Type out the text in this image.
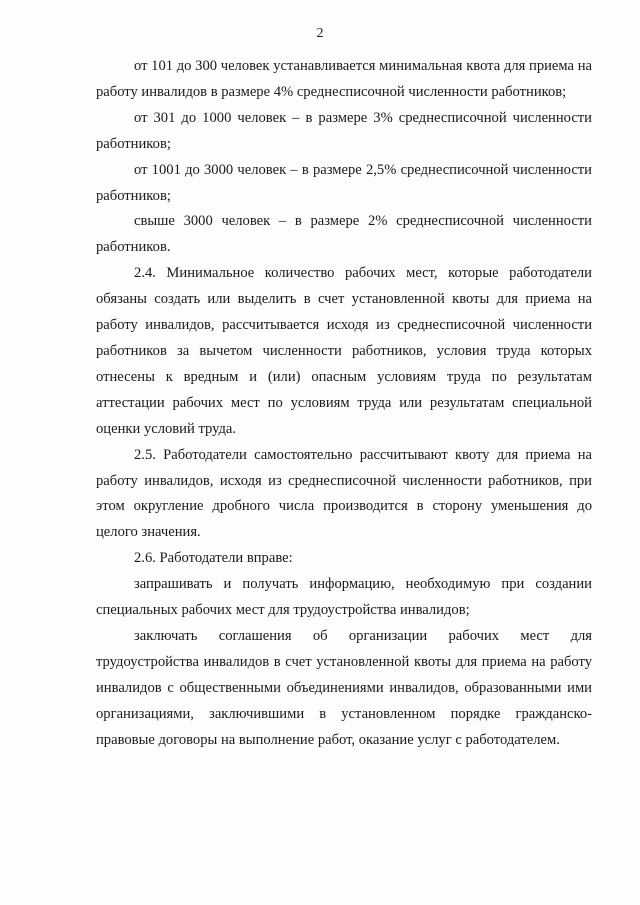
2

от 101 до 300 человек устанавливается минимальная квота для приема на работу инвалидов в размере 4% среднесписочной численности работников;

от 301 до 1000 человек – в размере 3% среднесписочной численности работников;

от 1001 до 3000 человек – в размере 2,5% среднесписочной численности работников;

свыше 3000 человек – в размере 2% среднесписочной численности работников.

2.4. Минимальное количество рабочих мест, которые работодатели обязаны создать или выделить в счет установленной квоты для приема на работу инвалидов, рассчитывается исходя из среднесписочной численности работников за вычетом численности работников, условия труда которых отнесены к вредным и (или) опасным условиям труда по результатам аттестации рабочих мест по условиям труда или результатам специальной оценки условий труда.

2.5. Работодатели самостоятельно рассчитывают квоту для приема на работу инвалидов, исходя из среднесписочной численности работников, при этом округление дробного числа производится в сторону уменьшения до целого значения.

2.6. Работодатели вправе:

запрашивать и получать информацию, необходимую при создании специальных рабочих мест для трудоустройства инвалидов;

заключать соглашения об организации рабочих мест для трудоустройства инвалидов в счет установленной квоты для приема на работу инвалидов с общественными объединениями инвалидов, образованными ими организациями, заключившими в установленном порядке гражданско-правовые договоры на выполнение работ, оказание услуг с работодателем.
